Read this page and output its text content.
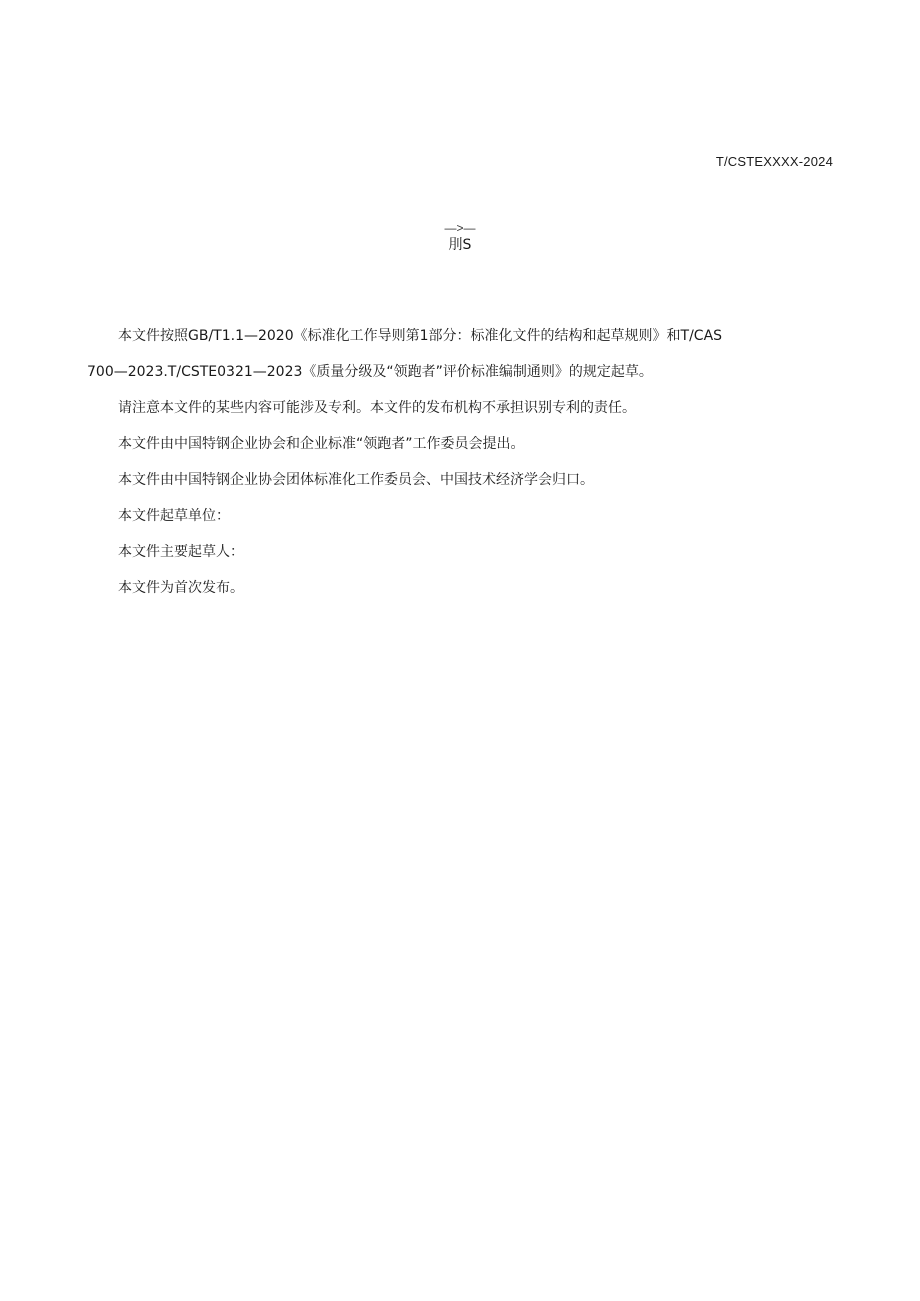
T/CSTEXXXX-2024
—>—
刖S

本文件按照GB/T1.1—2020《标准化工作导则第1部分：标准化文件的结构和起草规则》和T/CAS

700—2023.T/CSTE0321—2023《质量分级及“领跑者”评价标准编制通则》的规定起草。

请注意本文件的某些内容可能涉及专利。本文件的发布机构不承担识别专利的责任。

本文件由中国特钢企业协会和企业标准“领跑者”工作委员会提出。

本文件由中国特钢企业协会团体标准化工作委员会、中国技术经济学会归口。

本文件起草单位：

本文件主要起草人：

本文件为首次发布。
